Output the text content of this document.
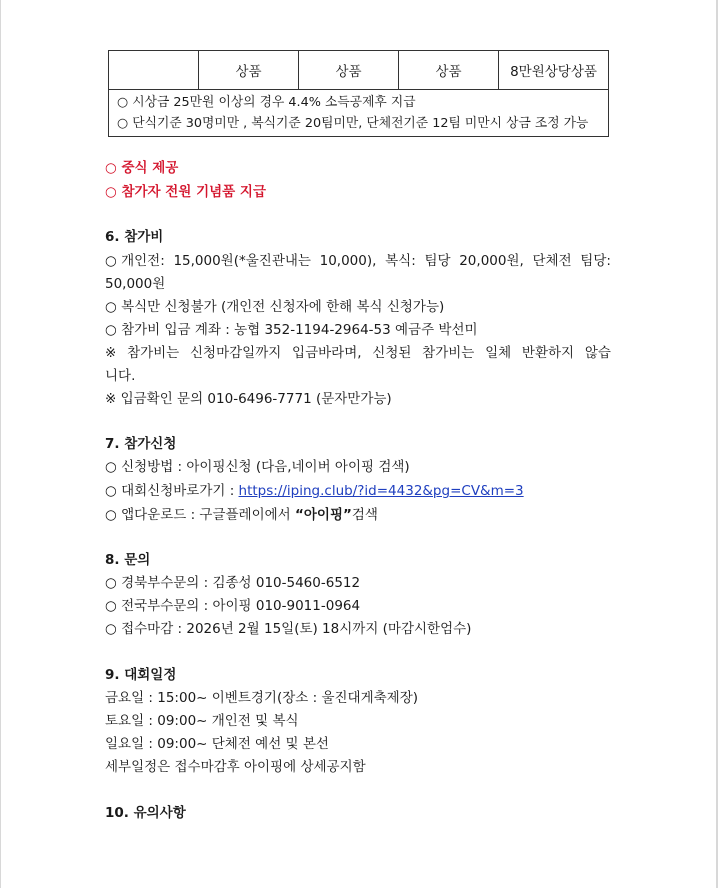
	상품	상품	상품	8만원상당상품

○ 시상금 25만원 이상의 경우 4.4% 소득공제후 지급
○ 단식기준 30명미만 , 복식기준 20팀미만, 단체전기준 12팀 미만시 상금 조정 가능
○ 중식 제공
○ 참가자 전원 기념품 지급
6. 참가비
○ 개인전: 15,000원(*울진관내는 10,000), 복식: 팀당 20,000원, 단체전 팀당:
50,000원
○ 복식만 신청불가 (개인전 신청자에 한해 복식 신청가능)
○ 참가비 입금 계좌 : 농협 352-1194-2964-53 예금주 박선미
※ 참가비는 신청마감일까지 입금바라며, 신청된 참가비는 일체 반환하지 않습
니다.
※ 입금확인 문의 010-6496-7771 (문자만가능)
7. 참가신청
○ 신청방법 : 아이핑신청 (다음,네이버 아이핑 검색)
○ 대회신청바로가기 : https://iping.club/?id=4432&pg=CV&m=3
○ 앱다운로드 : 구글플레이에서 “아이핑”검색
8. 문의
○ 경북부수문의 : 김종성 010-5460-6512
○ 전국부수문의 : 아이핑 010-9011-0964
○ 접수마감 : 2026년 2월 15일(토) 18시까지 (마감시한엄수)
9. 대회일정
금요일 : 15:00~ 이벤트경기(장소 : 울진대게축제장)
토요일 : 09:00~ 개인전 및 복식
일요일 : 09:00~ 단체전 예선 및 본선
세부일정은 접수마감후 아이핑에 상세공지함
10. 유의사항
